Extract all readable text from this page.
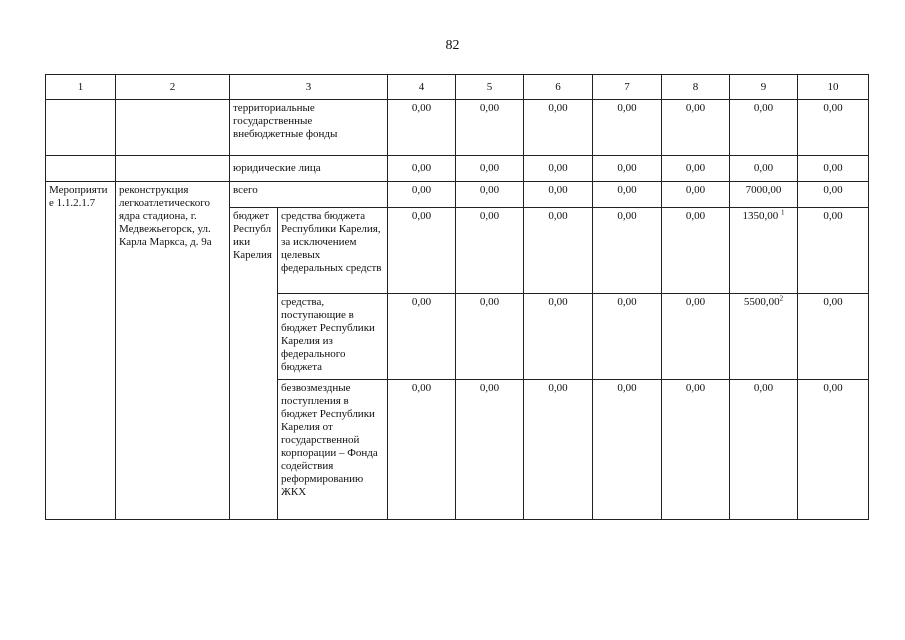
82
1	2	3		4	5	6	7	8	9	10
		территориальные государственные внебюджетные фонды		0,00	0,00	0,00	0,00	0,00	0,00	0,00
		юридические лица		0,00	0,00	0,00	0,00	0,00	0,00	0,00
Мероприятие 1.1.2.1.7	реконструкция легкоатлетического ядра стадиона, г. Медвежьегорск, ул. Карла Маркса, д. 9а	всего		0,00	0,00	0,00	0,00	0,00	7000,00	0,00
		бюджет Республики Карелия	средства бюджета Республики Карелия, за исключением целевых федеральных средств	0,00	0,00	0,00	0,00	0,00	1350,00 $^1$	0,00
			средства, поступающие в бюджет Республики Карелия из федерального бюджета	0,00	0,00	0,00	0,00	0,00	5500,00$^2$	0,00
			безвозмездные поступления в бюджет Республики Карелия от государственной корпорации – Фонда содействия реформированию ЖКХ	0,00	0,00	0,00	0,00	0,00	0,00	0,00
